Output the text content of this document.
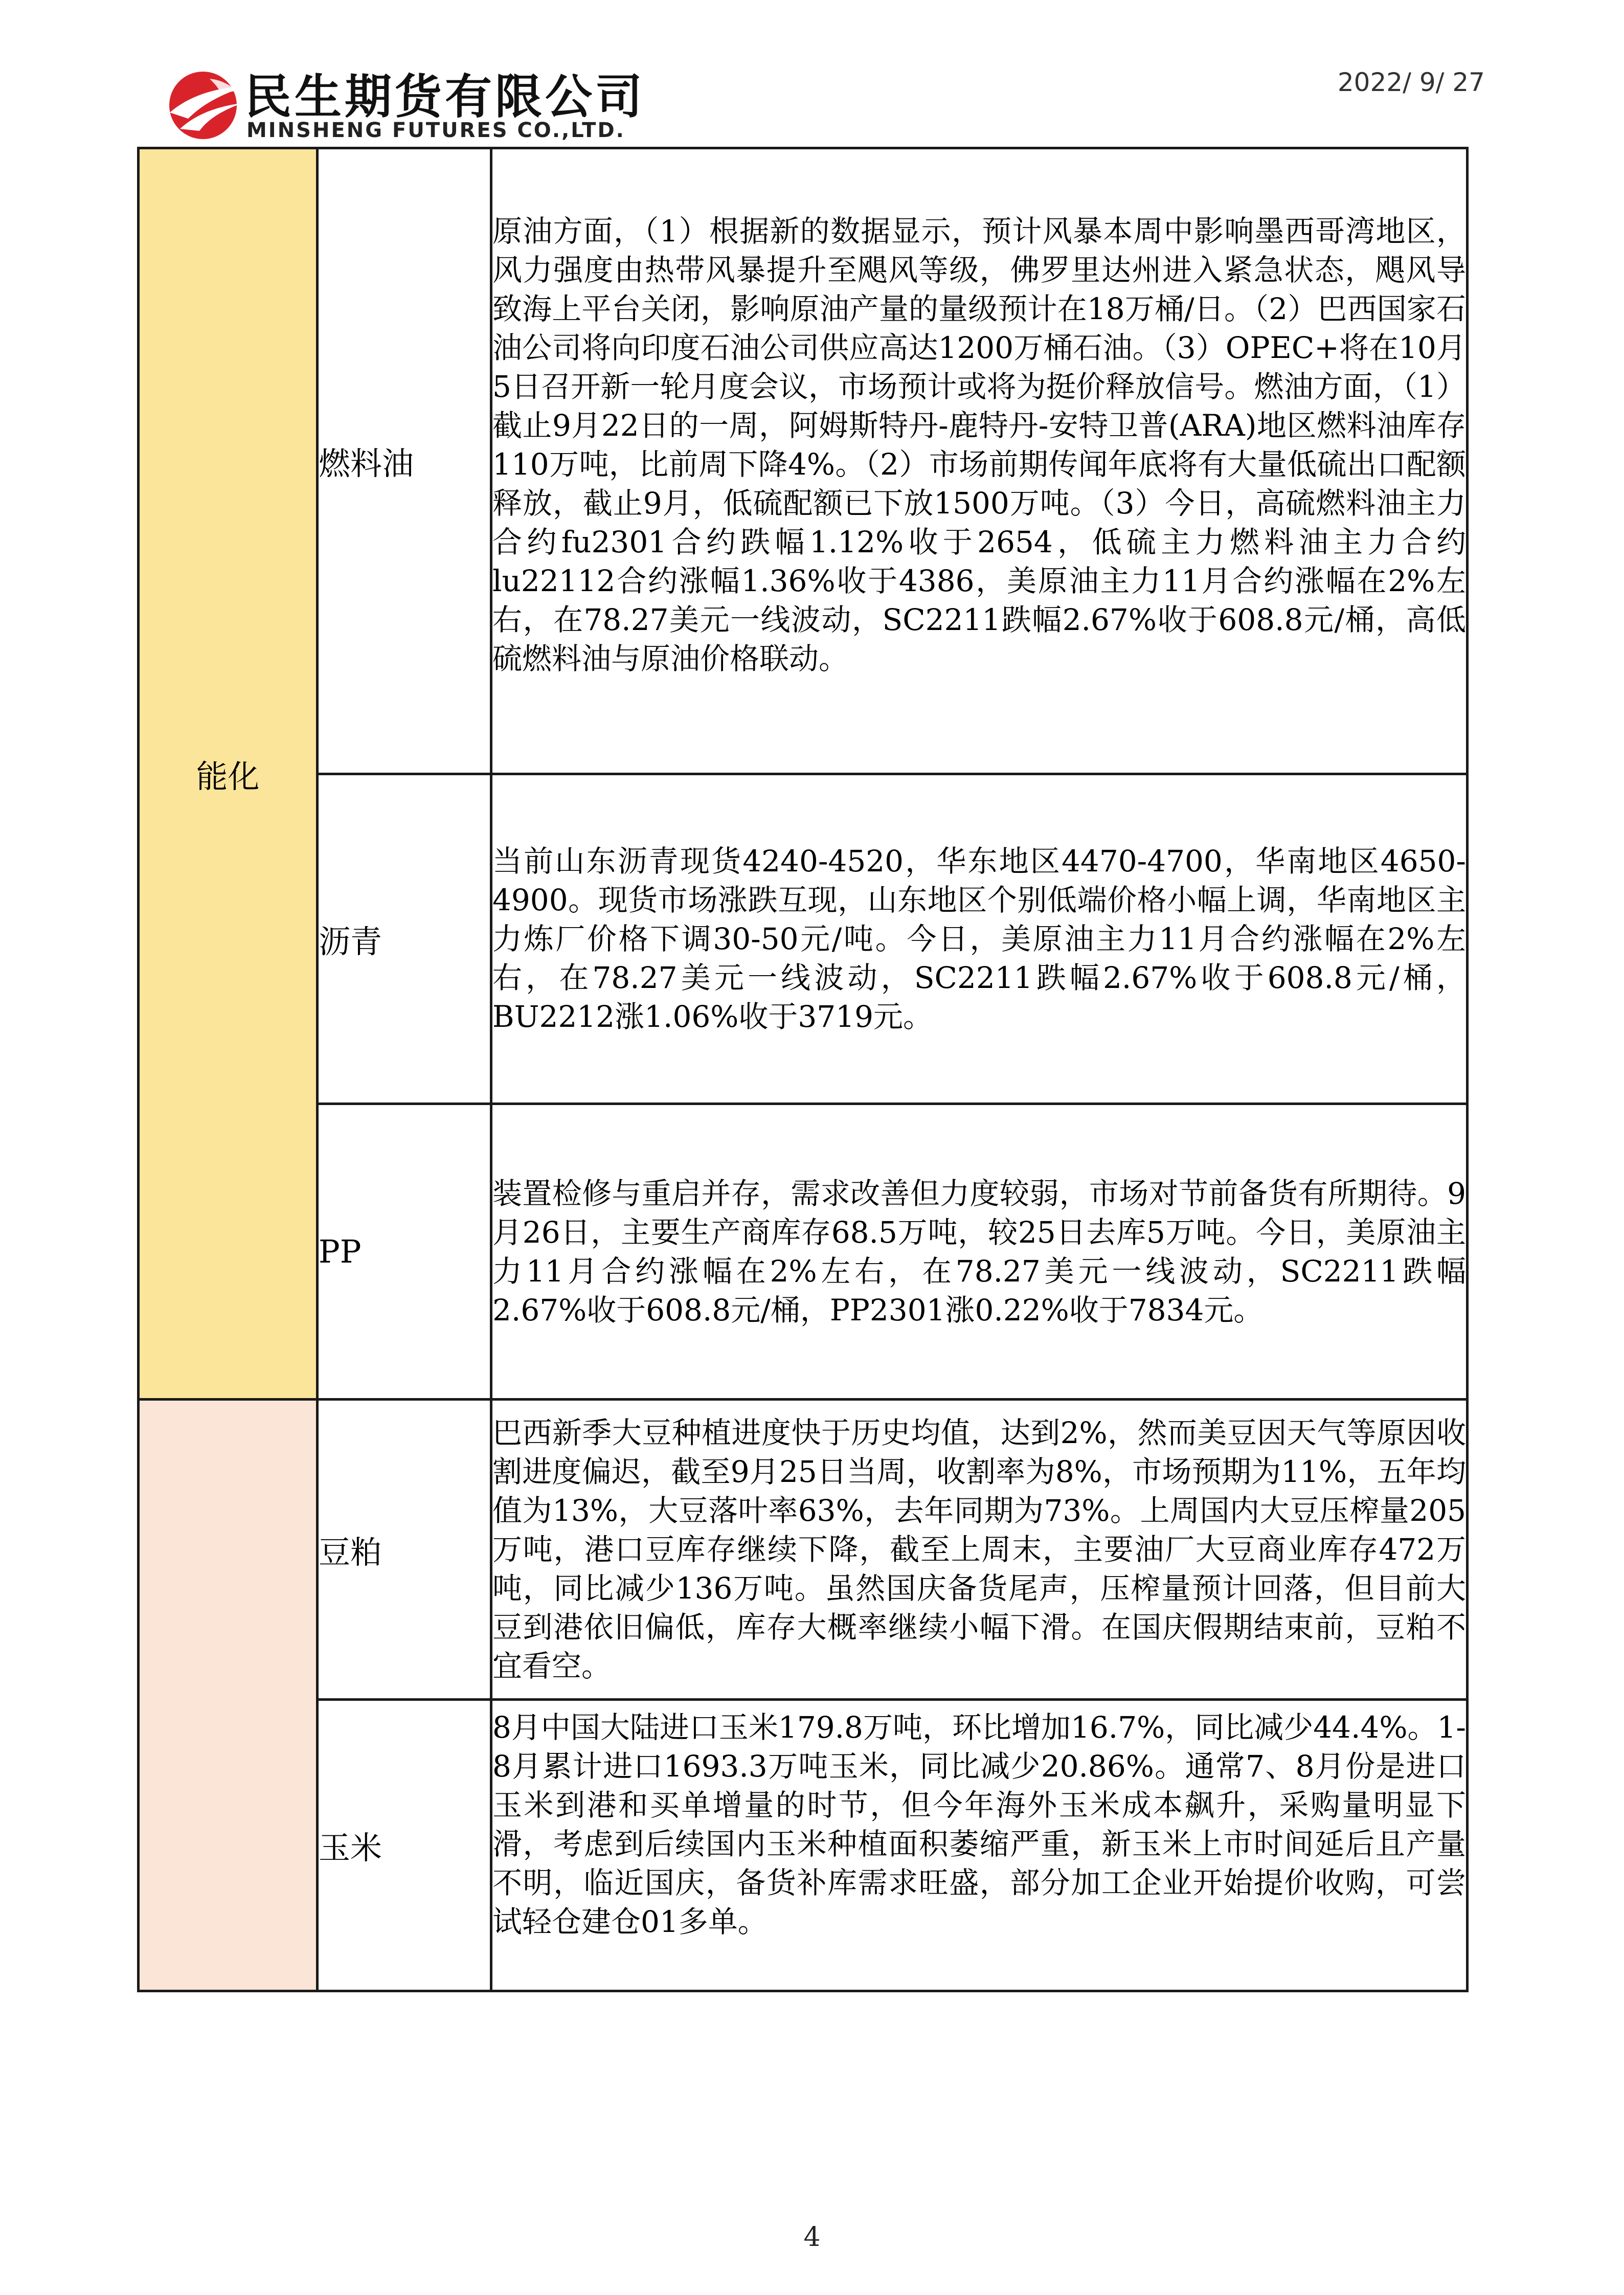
民生期货有限公司
MINSHENG FUTURES CO.,LTD.
2022/ 9/ 27
能化	燃料油	原油方面，（1）根据新的数据显示，预计风暴本周中影响墨西哥湾地区，风力强度由热带风暴提升至飓风等级，佛罗里达州进入紧急状态，飓风导致海上平台关闭，影响原油产量的量级预计在18万桶/日。（2）巴西国家石油公司将向印度石油公司供应高达1200万桶石油。（3）OPEC+将在10月5日召开新一轮月度会议，市场预计或将为挺价释放信号。燃油方面，（1）截止9月22日的一周，阿姆斯特丹-鹿特丹-安特卫普(ARA)地区燃料油库存110万吨，比前周下降4%。（2）市场前期传闻年底将有大量低硫出口配额释放，截止9月，低硫配额已下放1500万吨。（3）今日，高硫燃料油主力合约fu2301合约跌幅1.12%收于2654，低硫主力燃料油主力合约lu22112合约涨幅1.36%收于4386，美原油主力11月合约涨幅在2%左右，在78.27美元一线波动，SC2211跌幅2.67%收于608.8元/桶，高低硫燃料油与原油价格联动。
	沥青	当前山东沥青现货4240-4520，华东地区4470-4700，华南地区4650-4900。现货市场涨跌互现，山东地区个别低端价格小幅上调，华南地区主力炼厂价格下调30-50元/吨。今日，美原油主力11月合约涨幅在2%左右，在78.27美元一线波动，SC2211跌幅2.67%收于608.8元/桶，BU2212涨1.06%收于3719元。
	PP	装置检修与重启并存，需求改善但力度较弱，市场对节前备货有所期待。9月26日，主要生产商库存68.5万吨，较25日去库5万吨。今日，美原油主力11月合约涨幅在2%左右，在78.27美元一线波动，SC2211跌幅2.67%收于608.8元/桶，PP2301涨0.22%收于7834元。
	豆粕	巴西新季大豆种植进度快于历史均值，达到2%，然而美豆因天气等原因收割进度偏迟，截至9月25日当周，收割率为8%，市场预期为11%，五年均值为13%，大豆落叶率63%，去年同期为73%。上周国内大豆压榨量205万吨，港口豆库存继续下降，截至上周末，主要油厂大豆商业库存472万吨，同比减少136万吨。虽然国庆备货尾声，压榨量预计回落，但目前大豆到港依旧偏低，库存大概率继续小幅下滑。在国庆假期结束前，豆粕不宜看空。
	玉米	8月中国大陆进口玉米179.8万吨，环比增加16.7%，同比减少44.4%。1-8月累计进口1693.3万吨玉米，同比减少20.86%。通常7、8月份是进口玉米到港和买单增量的时节，但今年海外玉米成本飙升，采购量明显下滑，考虑到后续国内玉米种植面积萎缩严重，新玉米上市时间延后且产量不明，临近国庆，备货补库需求旺盛，部分加工企业开始提价收购，可尝试轻仓建仓01多单。
4
